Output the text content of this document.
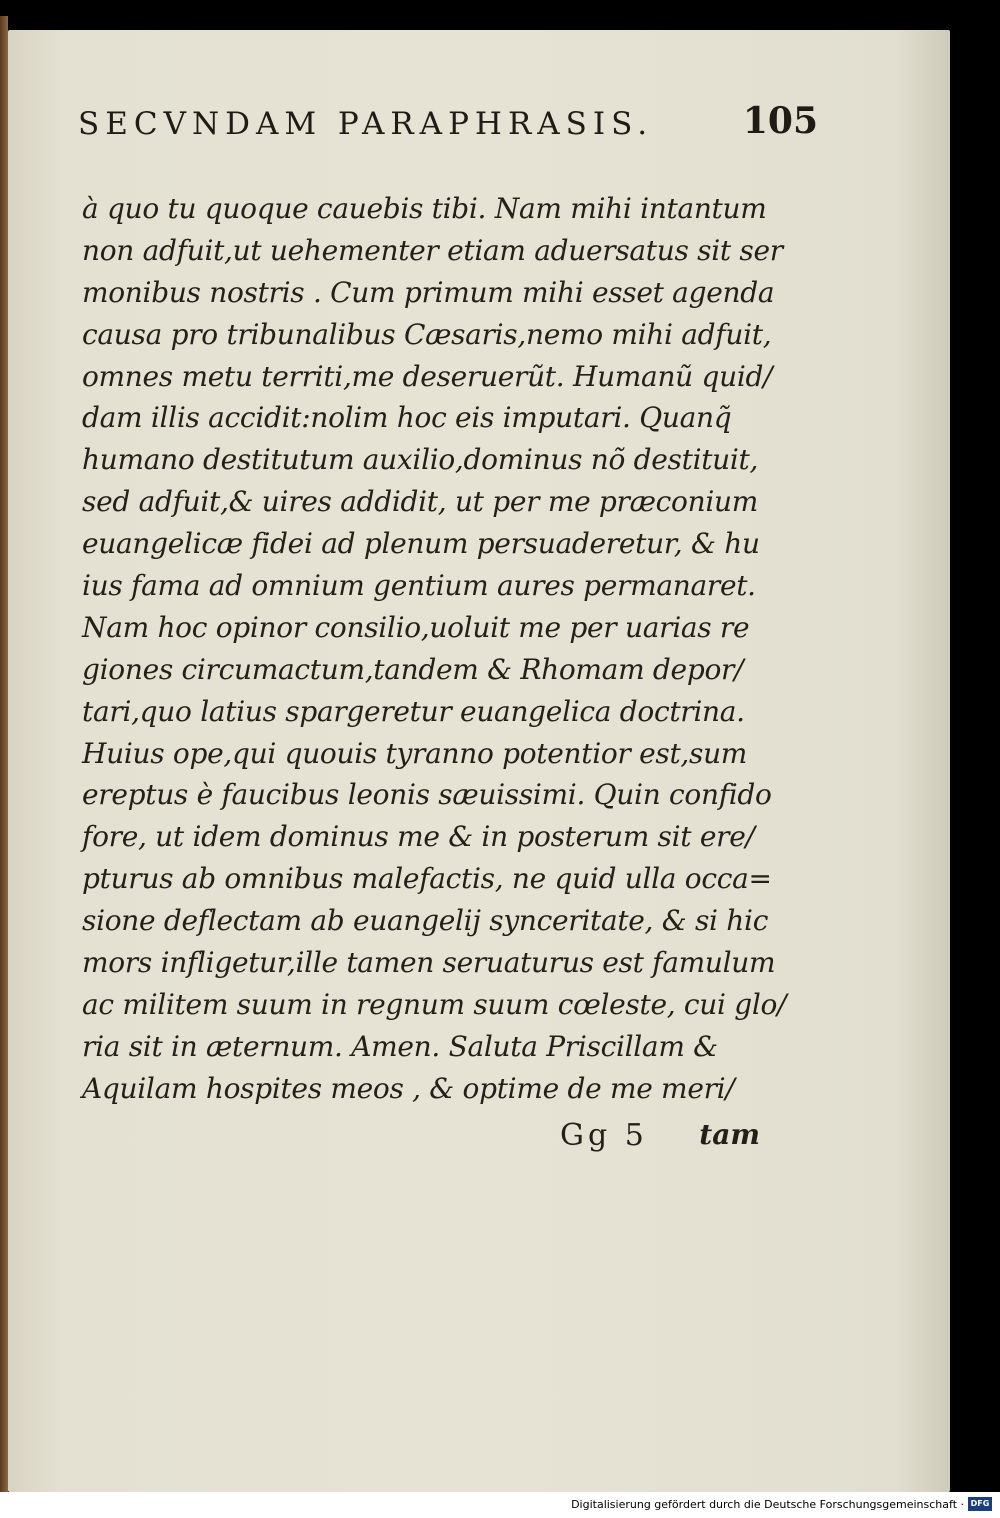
SECVNDAM PARAPHRASIS. 105
à quo tu quoque cauebis tibi. Nam mihi intantum
non adfuit,ut uehementer etiam aduersatus sit ser
monibus nostris . Cum primum mihi esset agenda
causa pro tribunalibus Cæsaris,nemo mihi adfuit,
omnes metu territi,me deseruerũt. Humanũ quid/
dam illis accidit:nolim hoc eis imputari. Quanq̃
humano destitutum auxilio,dominus nõ destituit,
sed adfuit,& uires addidit, ut per me præconium
euangelicæ fidei ad plenum persuaderetur, & hu
ius fama ad omnium gentium aures permanaret.
Nam hoc opinor consilio,uoluit me per uarias re
giones circumactum,tandem & Rhomam depor/
tari,quo latius spargeretur euangelica doctrina.
Huius ope,qui quouis tyranno potentior est,sum
ereptus è faucibus leonis sæuissimi. Quin confido
fore, ut idem dominus me & in posterum sit ere/
pturus ab omnibus malefactis, ne quid ulla occa=
sione deflectam ab euangelij synceritate, & si hic
mors infligetur,ille tamen seruaturus est famulum
ac militem suum in regnum suum cœleste, cui glo/
ria sit in æternum. Amen. Saluta Priscillam &
Aquilam hospites meos , & optime de me meri/
Gg 5 tam
Digitalisierung gefördert durch die Deutsche Forschungsgemeinschaft · DFG
